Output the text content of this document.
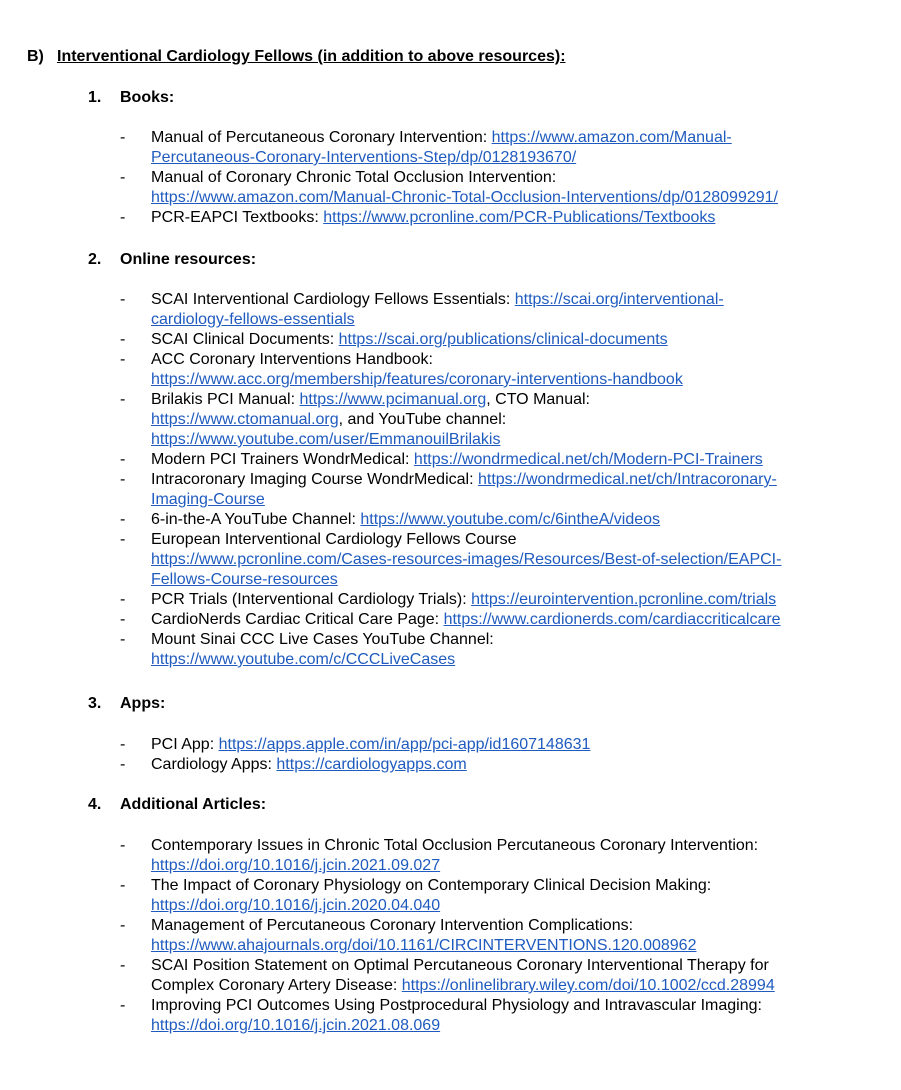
B) Interventional Cardiology Fellows (in addition to above resources):
1. Books:
- Manual of Percutaneous Coronary Intervention: https://www.amazon.com/Manual-
Percutaneous-Coronary-Interventions-Step/dp/0128193670/
- Manual of Coronary Chronic Total Occlusion Intervention:
https://www.amazon.com/Manual-Chronic-Total-Occlusion-Interventions/dp/0128099291/
- PCR-EAPCI Textbooks: https://www.pcronline.com/PCR-Publications/Textbooks
2. Online resources:
- SCAI Interventional Cardiology Fellows Essentials: https://scai.org/interventional-
cardiology-fellows-essentials
- SCAI Clinical Documents: https://scai.org/publications/clinical-documents
- ACC Coronary Interventions Handbook:
https://www.acc.org/membership/features/coronary-interventions-handbook
- Brilakis PCI Manual: https://www.pcimanual.org, CTO Manual:
https://www.ctomanual.org, and YouTube channel:
https://www.youtube.com/user/EmmanouilBrilakis
- Modern PCI Trainers WondrMedical: https://wondrmedical.net/ch/Modern-PCI-Trainers
- Intracoronary Imaging Course WondrMedical: https://wondrmedical.net/ch/Intracoronary-
Imaging-Course
- 6-in-the-A YouTube Channel: https://www.youtube.com/c/6intheA/videos
- European Interventional Cardiology Fellows Course
https://www.pcronline.com/Cases-resources-images/Resources/Best-of-selection/EAPCI-
Fellows-Course-resources
- PCR Trials (Interventional Cardiology Trials): https://eurointervention.pcronline.com/trials
- CardioNerds Cardiac Critical Care Page: https://www.cardionerds.com/cardiaccriticalcare
- Mount Sinai CCC Live Cases YouTube Channel:
https://www.youtube.com/c/CCCLiveCases
3. Apps:
- PCI App: https://apps.apple.com/in/app/pci-app/id1607148631
- Cardiology Apps: https://cardiologyapps.com
4. Additional Articles:
- Contemporary Issues in Chronic Total Occlusion Percutaneous Coronary Intervention:
https://doi.org/10.1016/j.jcin.2021.09.027
- The Impact of Coronary Physiology on Contemporary Clinical Decision Making:
https://doi.org/10.1016/j.jcin.2020.04.040
- Management of Percutaneous Coronary Intervention Complications:
https://www.ahajournals.org/doi/10.1161/CIRCINTERVENTIONS.120.008962
- SCAI Position Statement on Optimal Percutaneous Coronary Interventional Therapy for
Complex Coronary Artery Disease: https://onlinelibrary.wiley.com/doi/10.1002/ccd.28994
- Improving PCI Outcomes Using Postprocedural Physiology and Intravascular Imaging:
https://doi.org/10.1016/j.jcin.2021.08.069
